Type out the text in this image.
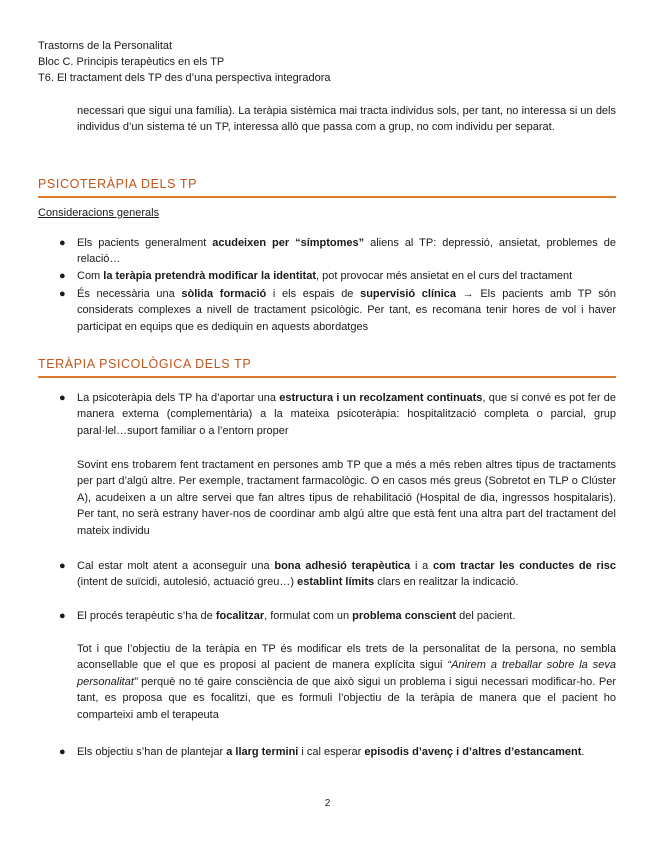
Trastorns de la Personalitat
Bloc C. Principis terapèutics en els TP
T6. El tractament dels TP des d’una perspectiva integradora
necessari que sigui una família). La teràpia sistèmica mai tracta individus sols, per tant, no interessa si un dels individus d’un sistema té un TP, interessa allò que passa com a grup, no com individu per separat.
PSICOTERÀPIA DELS TP
Consideracions generals
● Els pacients generalment acudeixen per “símptomes” aliens al TP: depressió, ansietat, problemes de relació…
● Com la teràpia pretendrà modificar la identitat, pot provocar més ansietat en el curs del tractament
● És necessària una sòlida formació i els espais de supervisió clínica → Els pacients amb TP són considerats complexes a nivell de tractament psicològic. Per tant, es recomana tenir hores de vol i haver participat en equips que es dediquin en aquests abordatges
TERÀPIA PSICOLÒGICA DELS TP
● La psicoteràpia dels TP ha d’aportar una estructura i un recolzament continuats, que si convé es pot fer de manera externa (complementària) a la mateixa psicoteràpia: hospitalització completa o parcial, grup paral·lel…suport familiar o a l’entorn proper
Sovint ens trobarem fent tractament en persones amb TP que a més a més reben altres tipus de tractaments per part d’algú altre. Per exemple, tractament farmacològic. O en casos més greus (Sobretot en TLP o Clúster A), acudeixen a un altre servei que fan altres tipus de rehabilitació (Hospital de dia, ingressos hospitalaris). Per tant, no serà estrany haver-nos de coordinar amb algú altre que està fent una altra part del tractament del mateix individu
● Cal estar molt atent a aconseguir una bona adhesió terapèutica i a com tractar les conductes de risc (intent de suïcidi, autolesió, actuació greu…) establint límits clars en realitzar la indicació.
● El procés terapèutic s’ha de focalitzar, formulat com un problema conscient del pacient.
Tot i que l’objectiu de la teràpia en TP és modificar els trets de la personalitat de la persona, no sembla aconsellable que el que es proposi al pacient de manera explícita sigui “Anirem a treballar sobre la seva personalitat” perquè no té gaire consciència de que això sigui un problema i sigui necessari modificar-ho. Per tant, es proposa que es focalitzi, que es formuli l’objectiu de la teràpia de manera que el pacient ho comparteixi amb el terapeuta
● Els objectiu s’han de plantejar a llarg termini i cal esperar episodis d’avenç i d’altres d’estancament.
2
